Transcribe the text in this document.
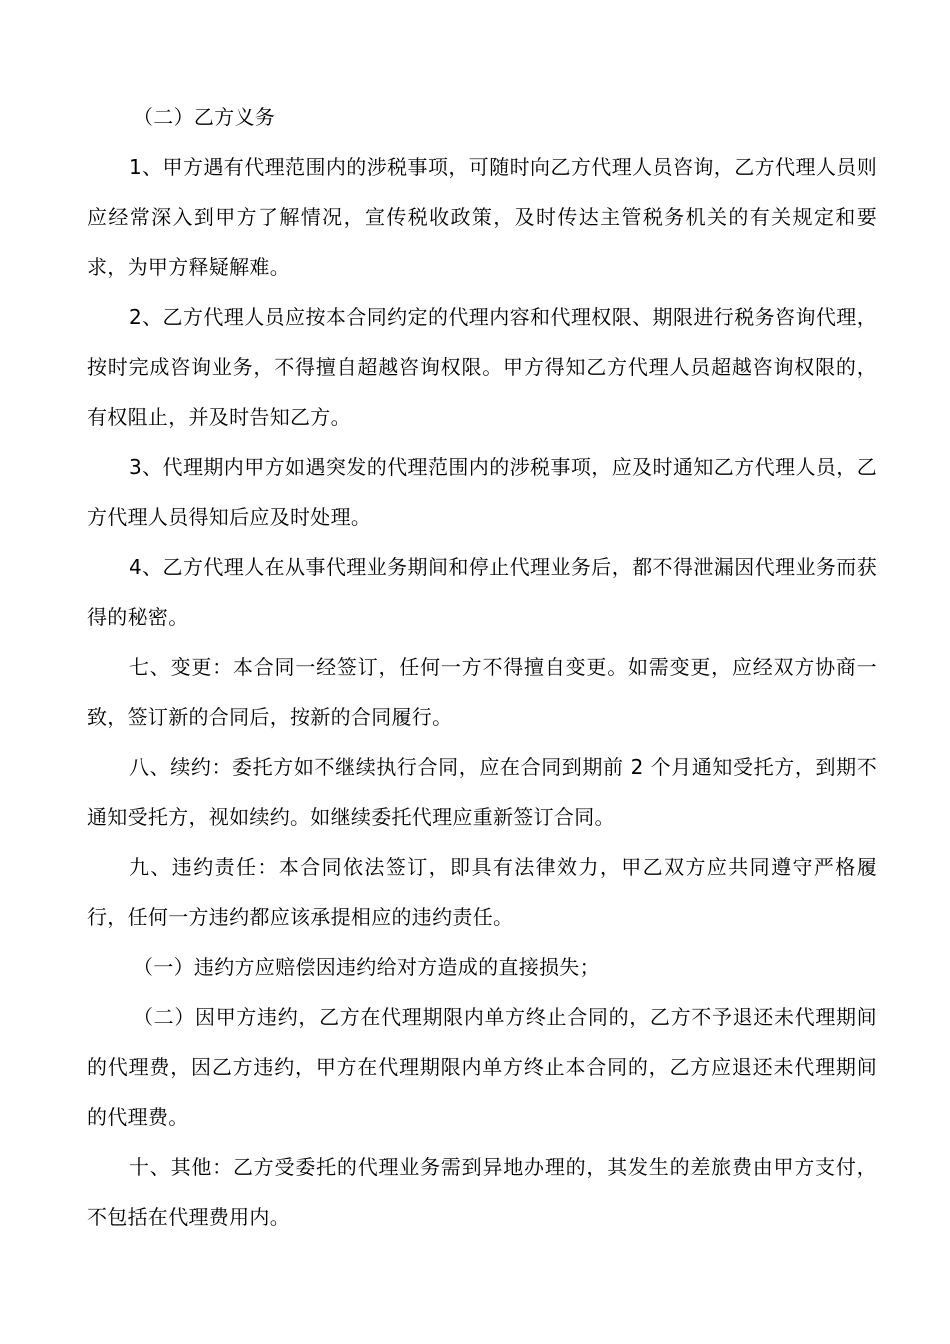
（二）乙方义务

1、甲方遇有代理范围内的涉税事项，可随时向乙方代理人员咨询，乙方代理人员则应经常深入到甲方了解情况，宣传税收政策，及时传达主管税务机关的有关规定和要求，为甲方释疑解难。

2、乙方代理人员应按本合同约定的代理内容和代理权限、期限进行税务咨询代理，按时完成咨询业务，不得擅自超越咨询权限。甲方得知乙方代理人员超越咨询权限的，有权阻止，并及时告知乙方。

3、代理期内甲方如遇突发的代理范围内的涉税事项，应及时通知乙方代理人员，乙方代理人员得知后应及时处理。

4、乙方代理人在从事代理业务期间和停止代理业务后，都不得泄漏因代理业务而获得的秘密。

七、变更：本合同一经签订，任何一方不得擅自变更。如需变更，应经双方协商一致，签订新的合同后，按新的合同履行。

八、续约：委托方如不继续执行合同，应在合同到期前 2 个月通知受托方，到期不通知受托方，视如续约。如继续委托代理应重新签订合同。

九、违约责任：本合同依法签订，即具有法律效力，甲乙双方应共同遵守严格履行，任何一方违约都应该承提相应的违约责任。

（一）违约方应赔偿因违约给对方造成的直接损失；

（二）因甲方违约，乙方在代理期限内单方终止合同的，乙方不予退还未代理期间的代理费，因乙方违约，甲方在代理期限内单方终止本合同的，乙方应退还未代理期间的代理费。

十、其他：乙方受委托的代理业务需到异地办理的，其发生的差旅费由甲方支付，不包括在代理费用内。
